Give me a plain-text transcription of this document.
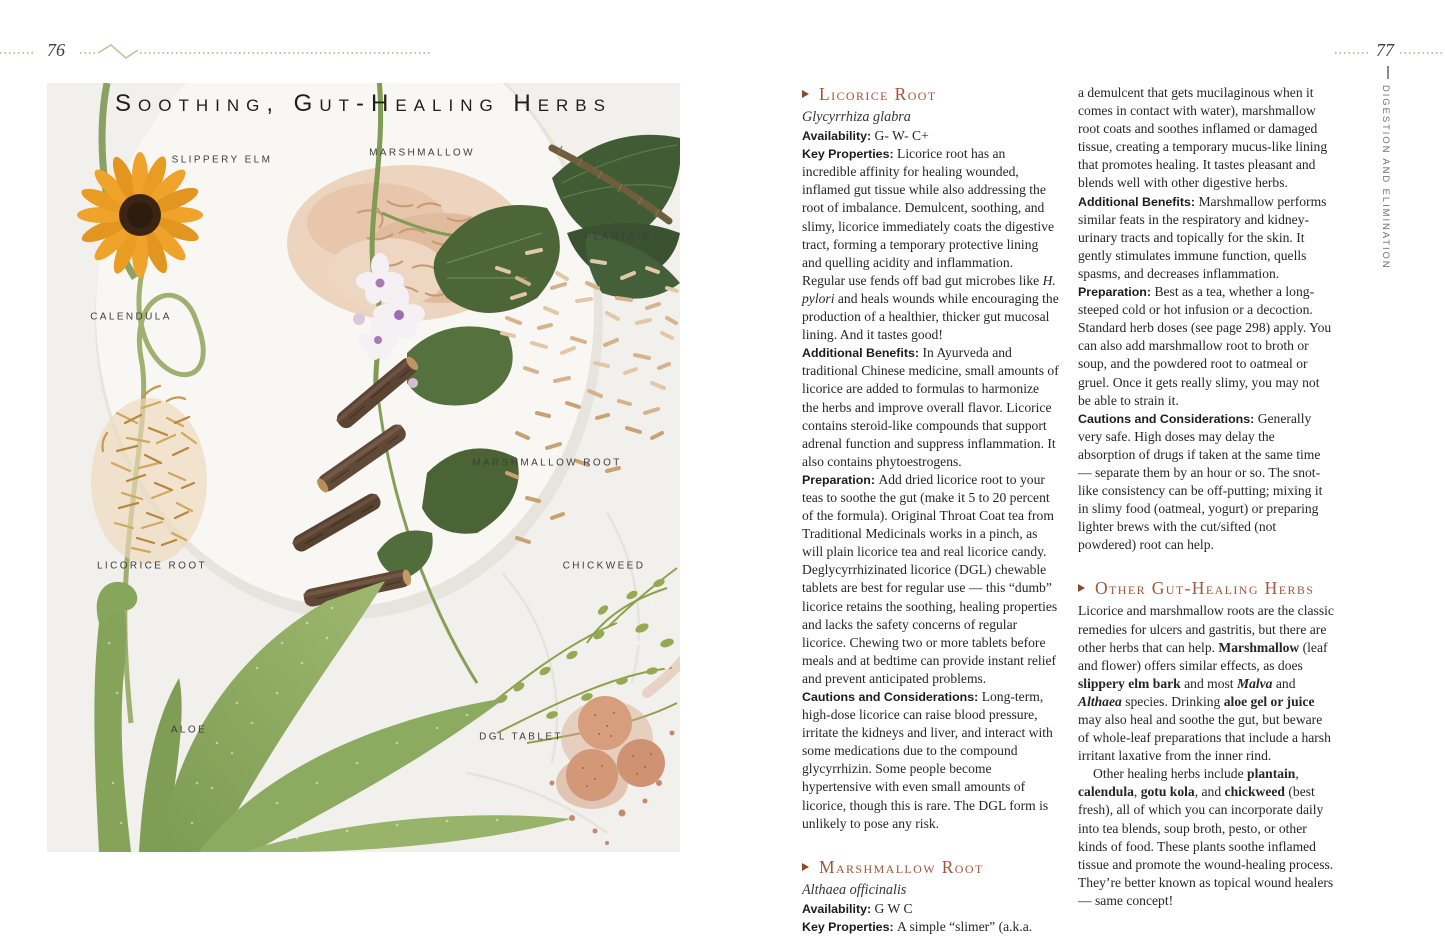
76	77
DIGESTION AND ELIMINATION
Soothing, Gut-Healing Herbs
SLIPPERY ELM
MARSHMALLOW
PLANTAIN
CALENDULA
MARSHMALLOW ROOT
LICORICE ROOT	CHICKWEED
ALOE
DGL TABLET
Licorice Root
Glycyrrhiza glabra
Availability: G- W- C+
Key Properties: Licorice root has an incredible affinity for healing wounded, inflamed gut tissue while also addressing the root of imbalance. Demulcent, soothing, and slimy, licorice immediately coats the digestive tract, forming a temporary protective lining and quelling acidity and inflammation. Regular use fends off bad gut microbes like H. pylori and heals wounds while encouraging the production of a healthier, thicker gut mucosal lining. And it tastes good!
Additional Benefits: In Ayurveda and traditional Chinese medicine, small amounts of licorice are added to formulas to harmonize the herbs and improve overall flavor. Licorice contains steroid-like compounds that support adrenal function and suppress inflammation. It also contains phytoestrogens.
Preparation: Add dried licorice root to your teas to soothe the gut (make it 5 to 20 percent of the formula). Original Throat Coat tea from Traditional Medicinals works in a pinch, as will plain licorice tea and real licorice candy. Deglycyrrhizinated licorice (DGL) chewable tablets are best for regular use — this “dumb” licorice retains the soothing, healing properties and lacks the safety concerns of regular licorice. Chewing two or more tablets before meals and at bedtime can provide instant relief and prevent anticipated problems.
Cautions and Considerations: Long-term, high-dose licorice can raise blood pressure, irritate the kidneys and liver, and interact with some medications due to the compound glycyrrhizin. Some people become hypertensive with even small amounts of licorice, though this is rare. The DGL form is unlikely to pose any risk.
Marshmallow Root
Althaea officinalis
Availability: G W C
Key Properties: A simple “slimer” (a.k.a.
a demulcent that gets mucilaginous when it comes in contact with water), marshmallow root coats and soothes inflamed or damaged tissue, creating a temporary mucus-like lining that promotes healing. It tastes pleasant and blends well with other digestive herbs.
Additional Benefits: Marshmallow performs similar feats in the respiratory and kidney-urinary tracts and topically for the skin. It gently stimulates immune function, quells spasms, and decreases inflammation.
Preparation: Best as a tea, whether a long-steeped cold or hot infusion or a decoction. Standard herb doses (see page 298) apply. You can also add marshmallow root to broth or soup, and the powdered root to oatmeal or gruel. Once it gets really slimy, you may not be able to strain it.
Cautions and Considerations: Generally very safe. High doses may delay the absorption of drugs if taken at the same time — separate them by an hour or so. The snot-like consistency can be off-putting; mixing it in slimy food (oatmeal, yogurt) or preparing lighter brews with the cut/sifted (not powdered) root can help.
Other Gut-Healing Herbs
Licorice and marshmallow roots are the classic remedies for ulcers and gastritis, but there are other herbs that can help. Marshmallow (leaf and flower) offers similar effects, as does slippery elm bark and most Malva and Althaea species. Drinking aloe gel or juice may also heal and soothe the gut, but beware of whole-leaf preparations that include a harsh irritant laxative from the inner rind.
Other healing herbs include plantain, calendula, gotu kola, and chickweed (best fresh), all of which you can incorporate daily into tea blends, soup broth, pesto, or other kinds of food. These plants soothe inflamed tissue and promote the wound-healing process. They’re better known as topical wound healers — same concept!
